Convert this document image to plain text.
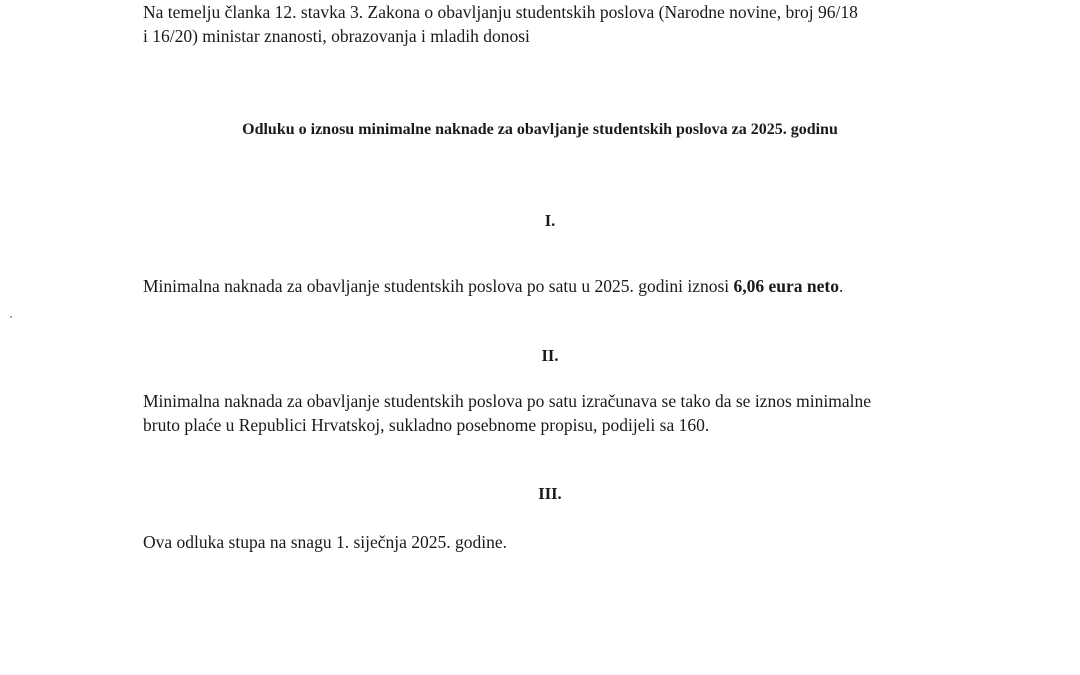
Na temelju članka 12. stavka 3. Zakona o obavljanju studentskih poslova (Narodne novine, broj 96/18
i 16/20) ministar znanosti, obrazovanja i mladih donosi
Odluku o iznosu minimalne naknade za obavljanje studentskih poslova za 2025. godinu
I.
Minimalna naknada za obavljanje studentskih poslova po satu u 2025. godini iznosi 6,06 eura neto.
II.
Minimalna naknada za obavljanje studentskih poslova po satu izračunava se tako da se iznos minimalne
bruto plaće u Republici Hrvatskoj, sukladno posebnome propisu, podijeli sa 160.
III.
Ova odluka stupa na snagu 1. siječnja 2025. godine.
